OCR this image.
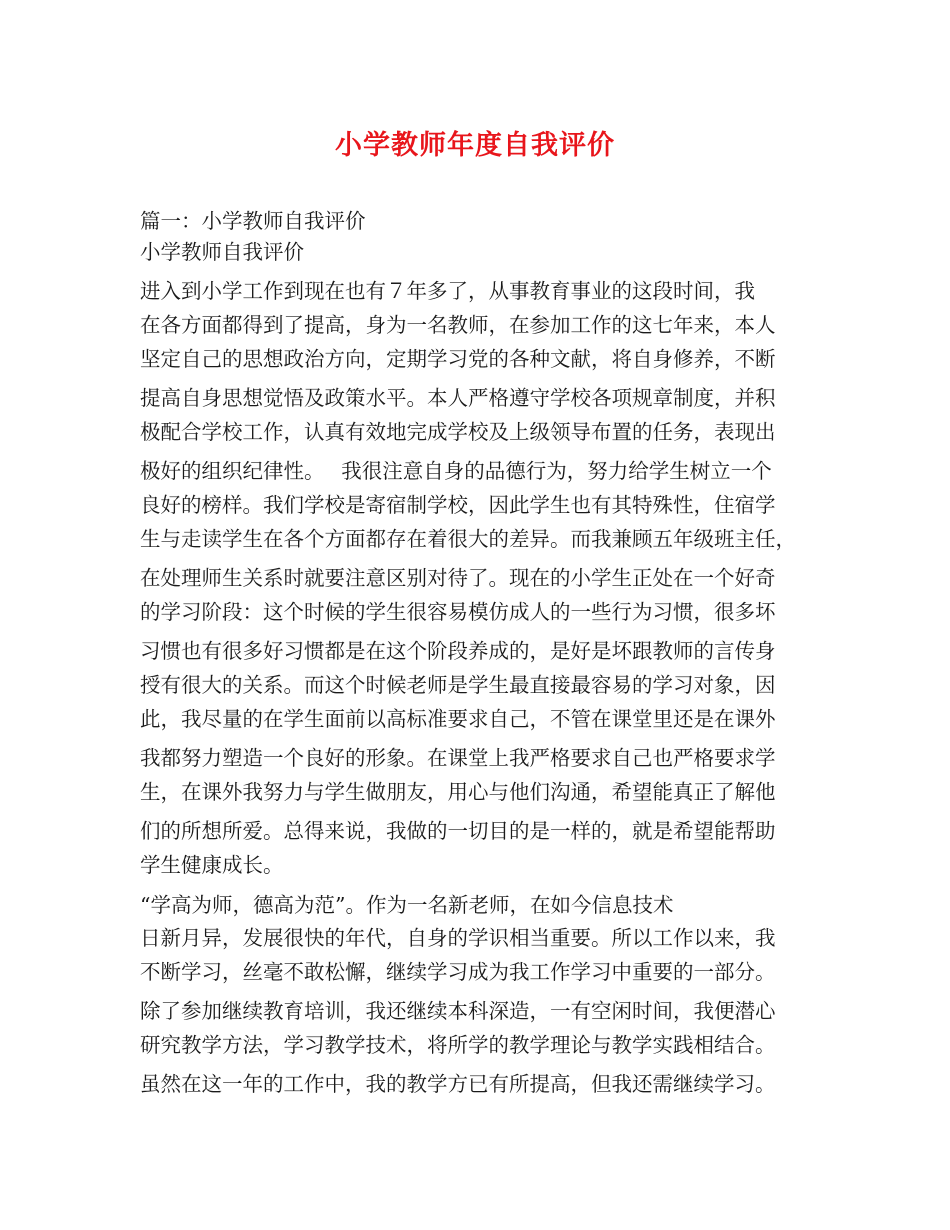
小学教师年度自我评价
篇一：小学教师自我评价
小学教师自我评价
进入到小学工作到现在也有７年多了，从事教育事业的这段时间，我
在各方面都得到了提高，身为一名教师，在参加工作的这七年来，本人
坚定自己的思想政治方向，定期学习党的各种文献，将自身修养，不断
提高自身思想觉悟及政策水平。本人严格遵守学校各项规章制度，并积
极配合学校工作，认真有效地完成学校及上级领导布置的任务，表现出
极好的组织纪律性。　 我很注意自身的品德行为，努力给学生树立一个
良好的榜样。我们学校是寄宿制学校，因此学生也有其特殊性，住宿学
生与走读学生在各个方面都存在着很大的差异。而我兼顾五年级班主任，
在处理师生关系时就要注意区别对待了。现在的小学生正处在一个好奇
的学习阶段：这个时候的学生很容易模仿成人的一些行为习惯，很多坏
习惯也有很多好习惯都是在这个阶段养成的，是好是坏跟教师的言传身
授有很大的关系。而这个时候老师是学生最直接最容易的学习对象，因
此，我尽量的在学生面前以高标准要求自己，不管在课堂里还是在课外
我都努力塑造一个良好的形象。在课堂上我严格要求自己也严格要求学
生，在课外我努力与学生做朋友，用心与他们沟通，希望能真正了解他
们的所想所爱。总得来说，我做的一切目的是一样的，就是希望能帮助
学生健康成长。
“学高为师，德高为范”。作为一名新老师，在如今信息技术
日新月异，发展很快的年代，自身的学识相当重要。所以工作以来，我
不断学习，丝毫不敢松懈，继续学习成为我工作学习中重要的一部分。
除了参加继续教育培训，我还继续本科深造，一有空闲时间，我便潜心
研究教学方法，学习教学技术，将所学的教学理论与教学实践相结合。
虽然在这一年的工作中，我的教学方已有所提高，但我还需继续学习。
